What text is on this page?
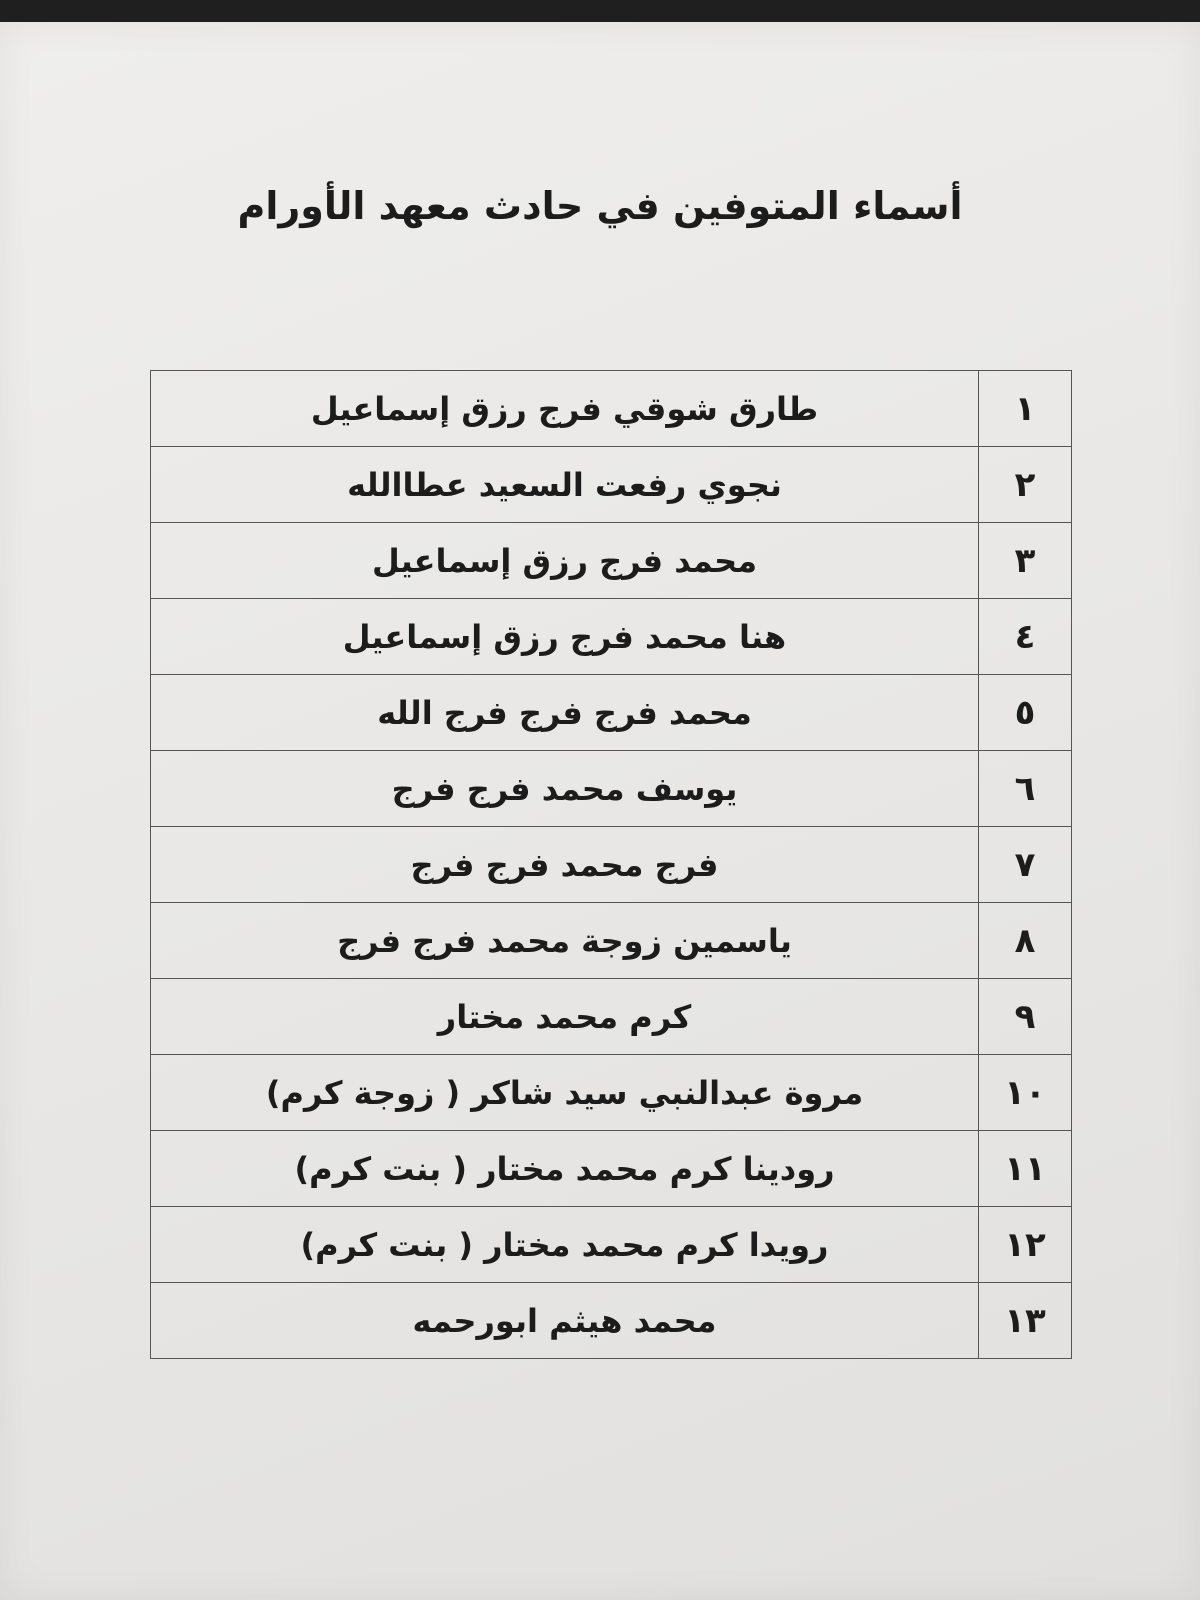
أسماء المتوفين في حادث معهد الأورام
١	طارق شوقي فرج رزق إسماعيل
٢	نجوي رفعت السعيد عطاالله
٣	محمد فرج رزق إسماعيل
٤	هنا محمد فرج رزق إسماعيل
٥	محمد فرج فرج فرج الله
٦	يوسف محمد فرج فرج
٧	فرج محمد فرج فرج
٨	ياسمين زوجة محمد فرج فرج
٩	كرم محمد مختار
١٠	مروة عبدالنبي سيد شاكر ( زوجة كرم)
١١	رودينا كرم محمد مختار ( بنت كرم)
١٢	رويدا كرم محمد مختار ( بنت كرم)
١٣	محمد هيثم ابورحمه
